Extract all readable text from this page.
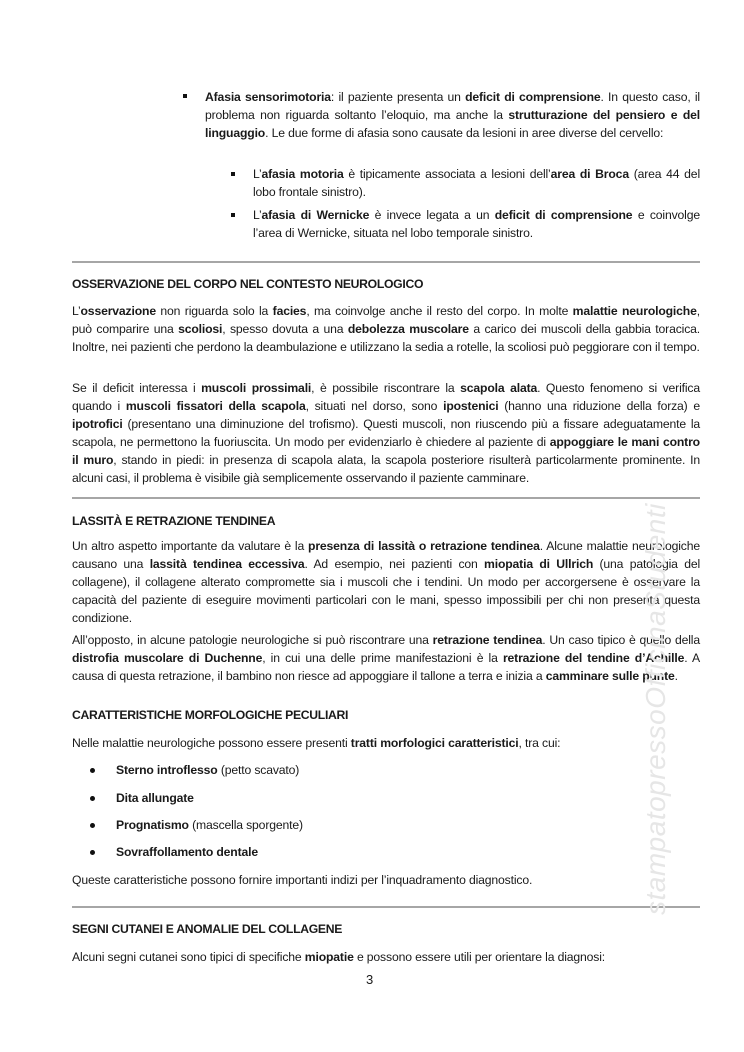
Afasia sensorimotoria: il paziente presenta un deficit di comprensione. In questo caso, il problema non riguarda soltanto l’eloquio, ma anche la strutturazione del pensiero e del linguaggio. Le due forme di afasia sono causate da lesioni in aree diverse del cervello:
L’afasia motoria è tipicamente associata a lesioni dell’area di Broca (area 44 del lobo frontale sinistro).
L’afasia di Wernicke è invece legata a un deficit di comprensione e coinvolge l’area di Wernicke, situata nel lobo temporale sinistro.
OSSERVAZIONE DEL CORPO NEL CONTESTO NEUROLOGICO
L’osservazione non riguarda solo la facies, ma coinvolge anche il resto del corpo. In molte malattie neurologiche, può comparire una scoliosi, spesso dovuta a una debolezza muscolare a carico dei muscoli della gabbia toracica. Inoltre, nei pazienti che perdono la deambulazione e utilizzano la sedia a rotelle, la scoliosi può peggiorare con il tempo.
Se il deficit interessa i muscoli prossimali, è possibile riscontrare la scapola alata. Questo fenomeno si verifica quando i muscoli fissatori della scapola, situati nel dorso, sono ipostenici (hanno una riduzione della forza) e ipotrofici (presentano una diminuzione del trofismo). Questi muscoli, non riuscendo più a fissare adeguatamente la scapola, ne permettono la fuoriuscita. Un modo per evidenziarlo è chiedere al paziente di appoggiare le mani contro il muro, stando in piedi: in presenza di scapola alata, la scapola posteriore risulterà particolarmente prominente. In alcuni casi, il problema è visibile già semplicemente osservando il paziente camminare.
LASSITÀ E RETRAZIONE TENDINEA
Un altro aspetto importante da valutare è la presenza di lassità o retrazione tendinea. Alcune malattie neurologiche causano una lassità tendinea eccessiva. Ad esempio, nei pazienti con miopatia di Ullrich (una patologia del collagene), il collagene alterato compromette sia i muscoli che i tendini. Un modo per accorgersene è osservare la capacità del paziente di eseguire movimenti particolari con le mani, spesso impossibili per chi non presenta questa condizione.
All’opposto, in alcune patologie neurologiche si può riscontrare una retrazione tendinea. Un caso tipico è quello della distrofia muscolare di Duchenne, in cui una delle prime manifestazioni è la retrazione del tendine d’Achille. A causa di questa retrazione, il bambino non riesce ad appoggiare il tallone a terra e inizia a camminare sulle punte.
CARATTERISTICHE MORFOLOGICHE PECULIARI
Nelle malattie neurologiche possono essere presenti tratti morfologici caratteristici, tra cui:
Sterno introflesso (petto scavato)
Dita allungate
Prognatismo (mascella sporgente)
Sovraffollamento dentale
Queste caratteristiche possono fornire importanti indizi per l’inquadramento diagnostico.
SEGNI CUTANEI E ANOMALIE DEL COLLAGENE
Alcuni segni cutanei sono tipici di specifiche miopatie e possono essere utili per orientare la diagnosi:
3
stampatopressoOfficinaStudenti
